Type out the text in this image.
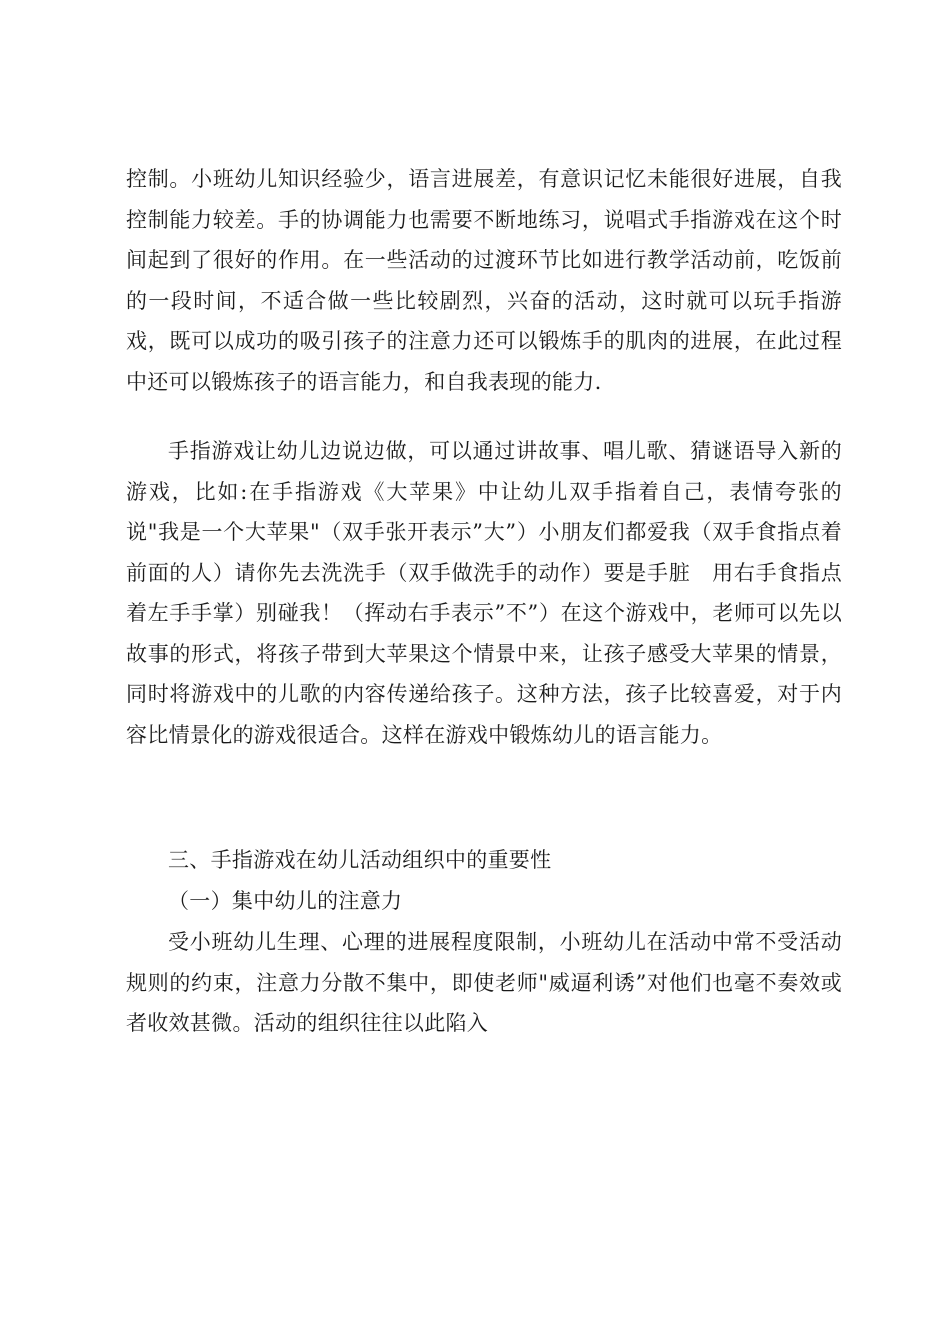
控制。小班幼儿知识经验少，语言进展差，有意识记忆未能很好进展，自我控制能力较差。手的协调能力也需要不断地练习，说唱式手指游戏在这个时间起到了很好的作用。在一些活动的过渡环节比如进行教学活动前，吃饭前的一段时间，不适合做一些比较剧烈，兴奋的活动，这时就可以玩手指游戏，既可以成功的吸引孩子的注意力还可以锻炼手的肌肉的进展，在此过程中还可以锻炼孩子的语言能力，和自我表现的能力.

手指游戏让幼儿边说边做，可以通过讲故事、唱儿歌、猜谜语导入新的游戏，比如:在手指游戏《大苹果》中让幼儿双手指着自己，表情夸张的说"我是一个大苹果"（双手张开表示”大”）小朋友们都爱我（双手食指点着前面的人）请你先去洗洗手（双手做洗手的动作）要是手脏　用右手食指点着左手手掌）别碰我！（挥动右手表示”不”）在这个游戏中，老师可以先以故事的形式，将孩子带到大苹果这个情景中来，让孩子感受大苹果的情景，同时将游戏中的儿歌的内容传递给孩子。这种方法，孩子比较喜爱，对于内容比情景化的游戏很适合。这样在游戏中锻炼幼儿的语言能力。

三、手指游戏在幼儿活动组织中的重要性

（一）集中幼儿的注意力

受小班幼儿生理、心理的进展程度限制，小班幼儿在活动中常不受活动规则的约束，注意力分散不集中，即使老师"威逼利诱”对他们也毫不奏效或者收效甚微。活动的组织往往以此陷入
